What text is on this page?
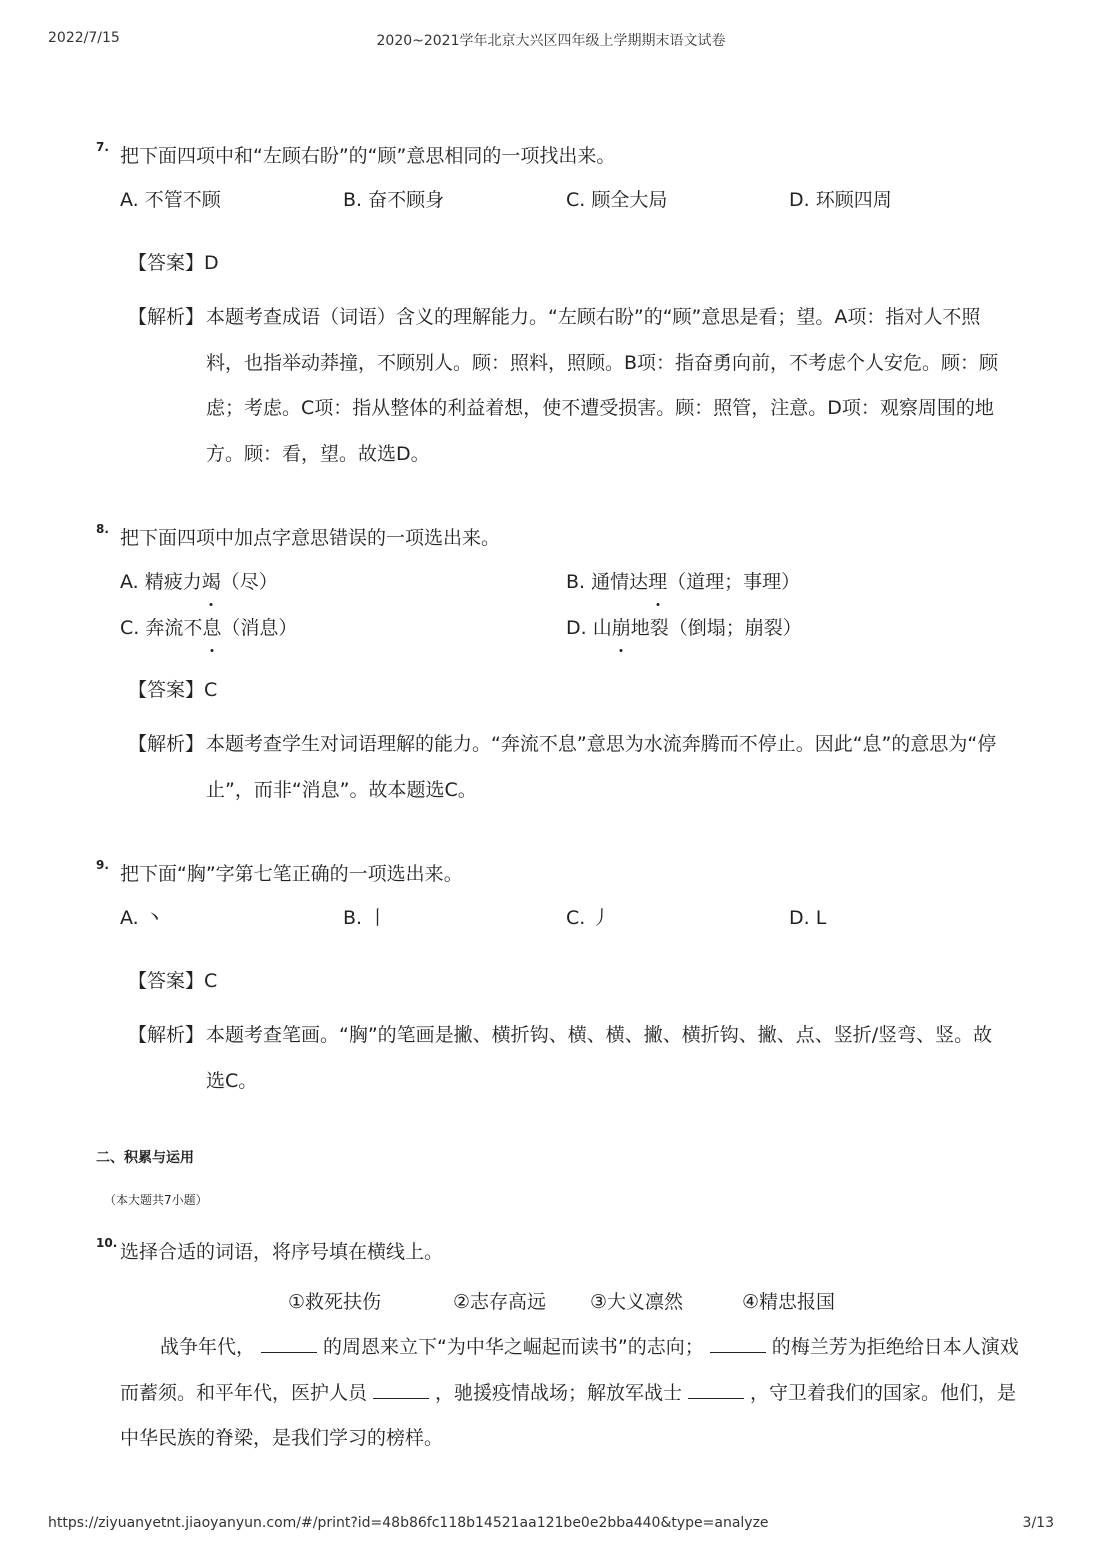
2022/7/15	2020~2021学年北京大兴区四年级上学期期末语文试卷
7. 把下面四项中和“左顾右盼”的“顾”意思相同的一项找出来。
A. 不管不顾	B. 奋不顾身	C. 顾全大局	D. 环顾四周
【答案】D
【解析】 本题考查成语（词语）含义的理解能力。“左顾右盼”的“顾”意思是看；望。A项：指对人不照料，也指举动莽撞，不顾别人。顾：照料，照顾。B项：指奋勇向前，不考虑个人安危。顾：顾虑；考虑。C项：指从整体的利益着想，使不遭受损害。顾：照管，注意。D项：观察周围的地方。顾：看，望。故选D。
8. 把下面四项中加点字意思错误的一项选出来。
A. 精疲力竭（尽）	B. 通情达理（道理；事理）
C. 奔流不息（消息）	D. 山崩地裂（倒塌；崩裂）
【答案】C
【解析】 本题考查学生对词语理解的能力。“奔流不息”意思为水流奔腾而不停止。因此“息”的意思为“停止”，而非“消息”。故本题选C。
9. 把下面“胸”字第七笔正确的一项选出来。
A. 丶	B. 丨	C. 丿	D. L
【答案】C
【解析】 本题考查笔画。“胸”的笔画是撇、横折钩、横、横、撇、横折钩、撇、点、竖折/竖弯、竖。故选C。
二、积累与运用
（本大题共7小题）
10. 选择合适的词语，将序号填在横线上。
①救死扶伤	②志存高远 ③大义凛然	④精忠报国
战争年代，	的周恩来立下“为中华之崛起而读书”的志向；	的梅兰芳为拒绝给日本人演戏而蓄须。和平年代，医护人员	，驰援疫情战场；解放军战士	，守卫着我们的国家。他们，是中华民族的脊梁，是我们学习的榜样。
https://ziyuanyetnt.jiaoyanyun.com/#/print?id=48b86fc118b14521aa121be0e2bba440&type=analyze	3/13
